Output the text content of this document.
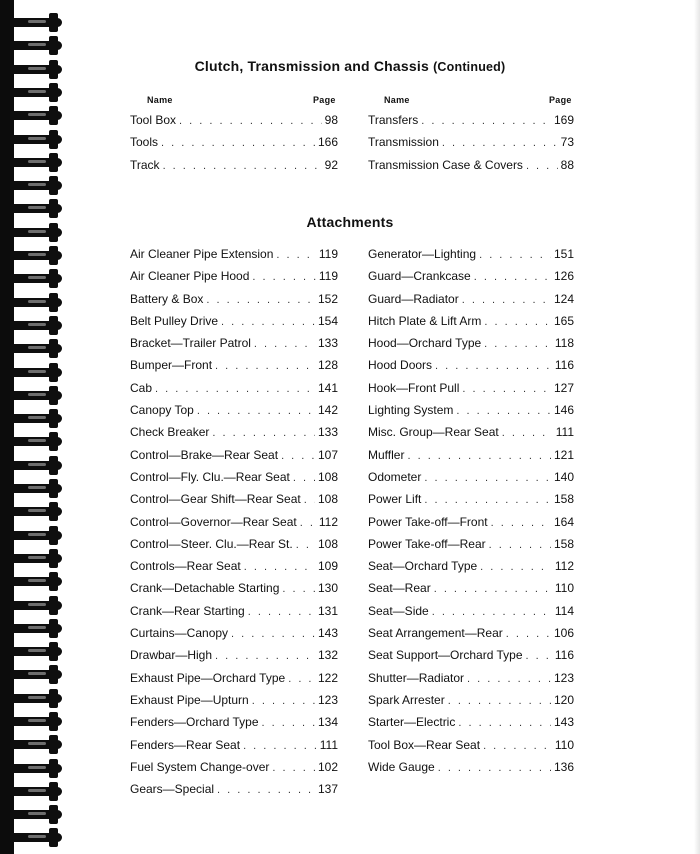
Clutch, Transmission and Chassis (Continued)
Name	Page	Name	Page
Tool Box . . .	98
Tools . . .	166
Track . . .	92
Transfers . . .	169
Transmission . . .	73
Transmission Case & Covers . . .	88
Attachments
Air Cleaner Pipe Extension . . .	119
Air Cleaner Pipe Hood . . .	119
Battery & Box . . .	152
Belt Pulley Drive . . .	154
Bracket—Trailer Patrol . . .	133
Bumper—Front . . .	128
Cab . . .	141
Canopy Top . . .	142
Check Breaker . . .	133
Control—Brake—Rear Seat . . .	107
Control—Fly. Clu.—Rear Seat . . . 108
Control—Gear Shift—Rear Seat . . . 108
Control—Governor—Rear Seat . . . 112
Control—Steer. Clu.—Rear St. . . . 108
Controls—Rear Seat . . .	109
Crank—Detachable Starting . . .	130
Crank—Rear Starting . . .	131
Curtains—Canopy . . .	143
Drawbar—High . . .	132
Exhaust Pipe—Orchard Type . . .	122
Exhaust Pipe—Upturn . . .	123
Fenders—Orchard Type . . .	134
Fenders—Rear Seat . . .	111
Fuel System Change-over . . .	102
Gears—Special . . .	137
Generator—Lighting . . .	151
Guard—Crankcase . . .	126
Guard—Radiator . . .	124
Hitch Plate & Lift Arm . . .	165
Hood—Orchard Type . . .	118
Hood Doors . . .	116
Hook—Front Pull . . .	127
Lighting System . . .	146
Misc. Group—Rear Seat . . .	111
Muffler . . .	121
Odometer . . .	140
Power Lift . . .	158
Power Take-off—Front . . .	164
Power Take-off—Rear . . .	158
Seat—Orchard Type . . .	112
Seat—Rear . . .	110
Seat—Side . . .	114
Seat Arrangement—Rear . . .	106
Seat Support—Orchard Type . . .	116
Shutter—Radiator . . .	123
Spark Arrester . . .	120
Starter—Electric . . .	143
Tool Box—Rear Seat . . .	110
Wide Gauge . . .	136
